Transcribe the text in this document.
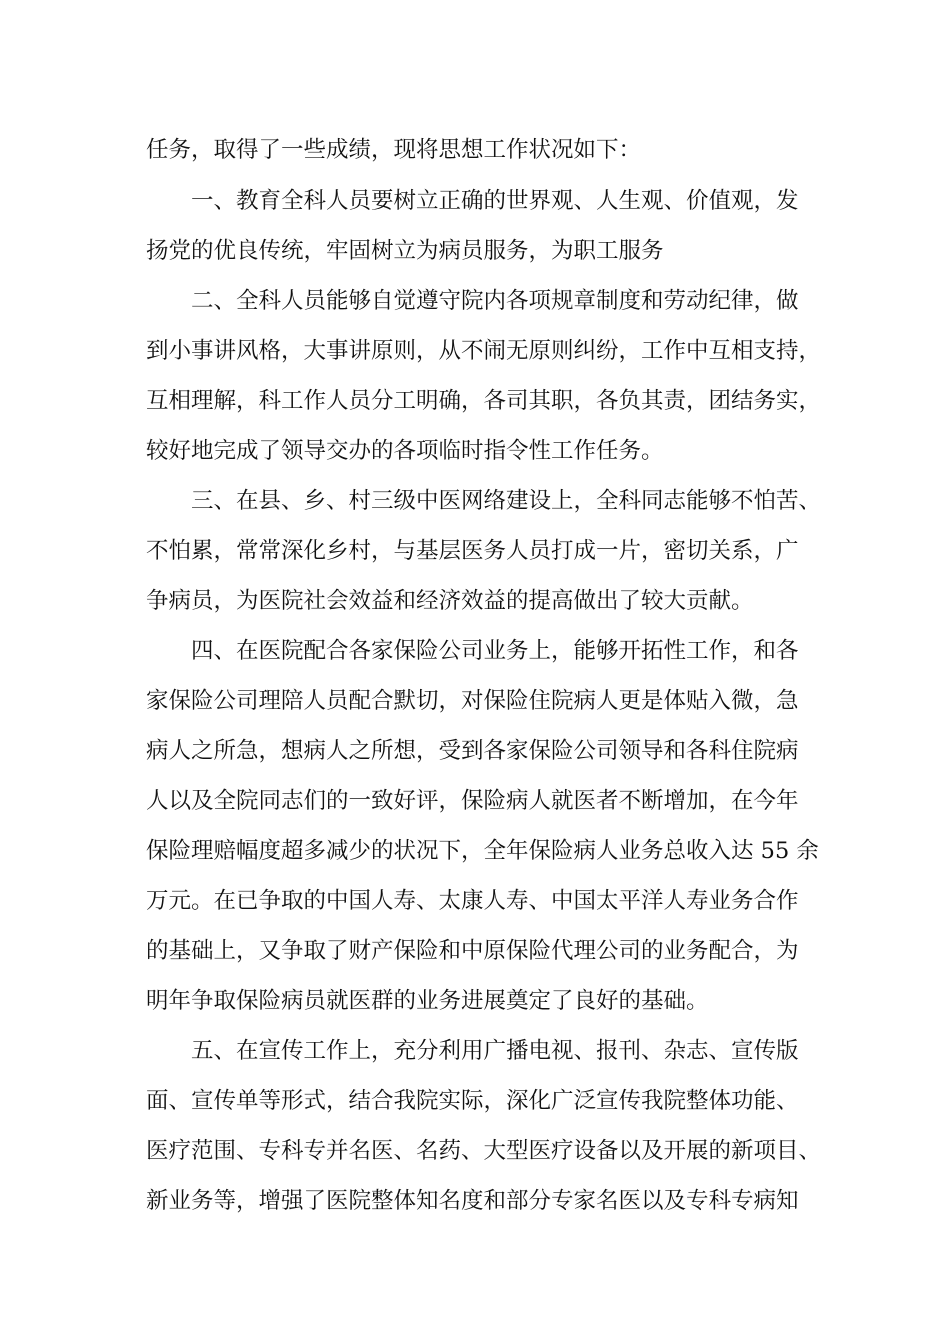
任务，取得了一些成绩，现将思想工作状况如下：
一、教育全科人员要树立正确的世界观、人生观、价值观，发
扬党的优良传统，牢固树立为病员服务，为职工服务
二、全科人员能够自觉遵守院内各项规章制度和劳动纪律，做
到小事讲风格，大事讲原则，从不闹无原则纠纷，工作中互相支持，
互相理解，科工作人员分工明确，各司其职，各负其责，团结务实，
较好地完成了领导交办的各项临时指令性工作任务。
三、在县、乡、村三级中医网络建设上，全科同志能够不怕苦、
不怕累，常常深化乡村，与基层医务人员打成一片，密切关系，广
争病员，为医院社会效益和经济效益的提高做出了较大贡献。
四、在医院配合各家保险公司业务上，能够开拓性工作，和各
家保险公司理陪人员配合默切，对保险住院病人更是体贴入微，急
病人之所急，想病人之所想，受到各家保险公司领导和各科住院病
人以及全院同志们的一致好评，保险病人就医者不断增加，在今年
保险理赔幅度超多减少的状况下，全年保险病人业务总收入达 55 余
万元。在已争取的中国人寿、太康人寿、中国太平洋人寿业务合作
的基础上，又争取了财产保险和中原保险代理公司的业务配合，为
明年争取保险病员就医群的业务进展奠定了良好的基础。
五、在宣传工作上，充分利用广播电视、报刊、杂志、宣传版
面、宣传单等形式，结合我院实际，深化广泛宣传我院整体功能、
医疗范围、专科专并名医、名药、大型医疗设备以及开展的新项目、
新业务等，增强了医院整体知名度和部分专家名医以及专科专病知
